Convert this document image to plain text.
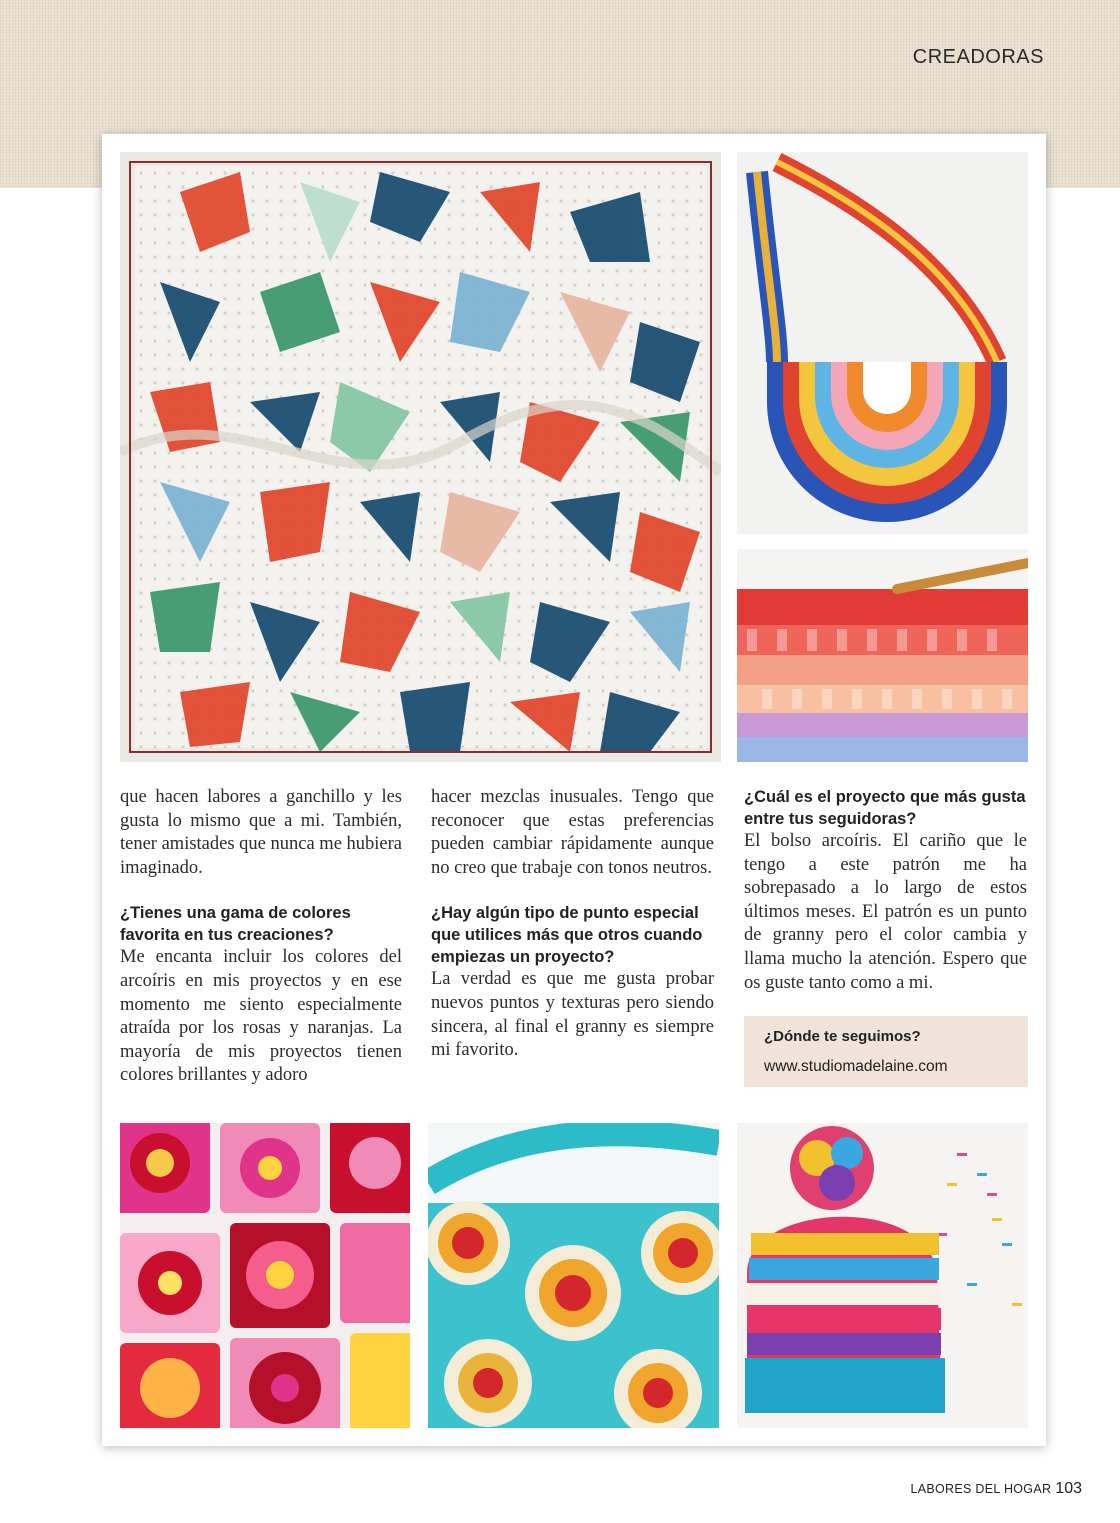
CREADORAS

que hacen labores a ganchillo y les gusta lo mismo que a mi. También, tener amistades que nunca me hubiera imaginado.

¿Tienes una gama de colores favorita en tus creaciones?

Me encanta incluir los colores del arcoíris en mis proyectos y en ese momento me siento especialmente atraída por los rosas y naranjas. La mayoría de mis proyectos tienen colores brillantes y adoro

hacer mezclas inusuales. Tengo que reconocer que estas preferencias pueden cambiar rápidamente aunque no creo que trabaje con tonos neutros.

¿Hay algún tipo de punto especial que utilices más que otros cuando empiezas un proyecto?

La verdad es que me gusta probar nuevos puntos y texturas pero siendo sincera, al final el granny es siempre mi favorito.

¿Cuál es el proyecto que más gusta entre tus seguidoras?

El bolso arcoíris. El cariño que le tengo a este patrón me ha sobrepasado a lo largo de estos últimos meses. El patrón es un punto de granny pero el color cambia y llama mucho la atención. Espero que os guste tanto como a mi.

¿Dónde te seguimos?
www.studiomadelaine.com
LABORES DEL HOGAR 103
